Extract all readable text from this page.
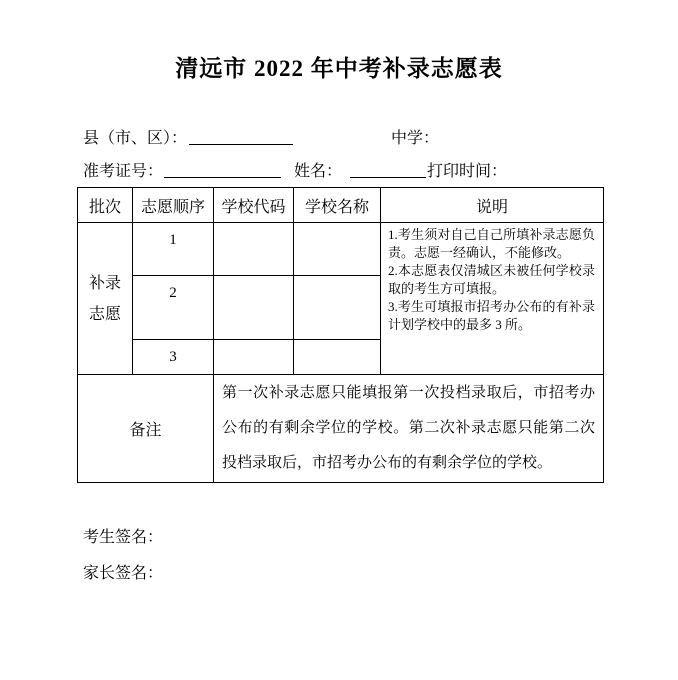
清远市 2022 年中考补录志愿表
县（市、区）：	中学：
准考证号：	姓名：	打印时间：
批次	志愿顺序	学校代码	学校名称	说明

补录志愿	1			1.考生须对自己自己所填补录志愿负责。志愿一经确认，不能修改。
2.本志愿表仅清城区未被任何学校录取的考生方可填报。
3.考生可填报市招考办公布的有补录计划学校中的最多 3 所。

	2			
	3			
备注		第一次补录志愿只能填报第一次投档录取后，市招考办公布的有剩余学位的学校。第二次补录志愿只能第二次投档录取后，市招考办公布的有剩余学位的学校。		
考生签名：
家长签名：
